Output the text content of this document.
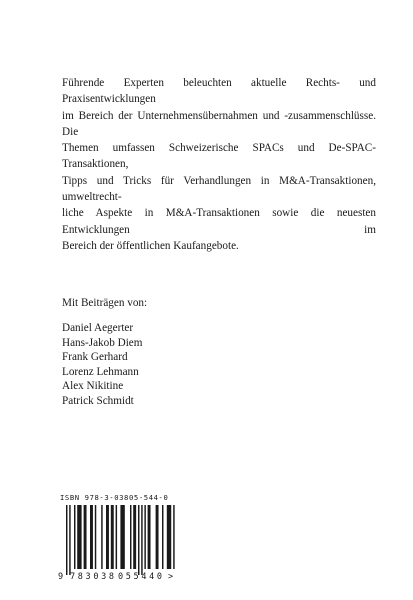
Führende Experten beleuchten aktuelle Rechts- und Praxisentwicklungen
im Bereich der Unternehmensübernahmen und -zusammenschlüsse. Die
Themen umfassen Schweizerische SPACs und De-SPAC-Transaktionen,
Tipps und Tricks für Verhandlungen in M&A-Transaktionen, umweltrecht-
liche Aspekte in M&A-Transaktionen sowie die neuesten Entwicklungen im
Bereich der öffentlichen Kaufangebote.

Mit Beiträgen von:

Daniel Aegerter
Hans-Jakob Diem
Frank Gerhard
Lorenz Lehmann
Alex Nikitine
Patrick Schmidt

ISBN 978-3-03805-544-0

9 783038 055440 >
